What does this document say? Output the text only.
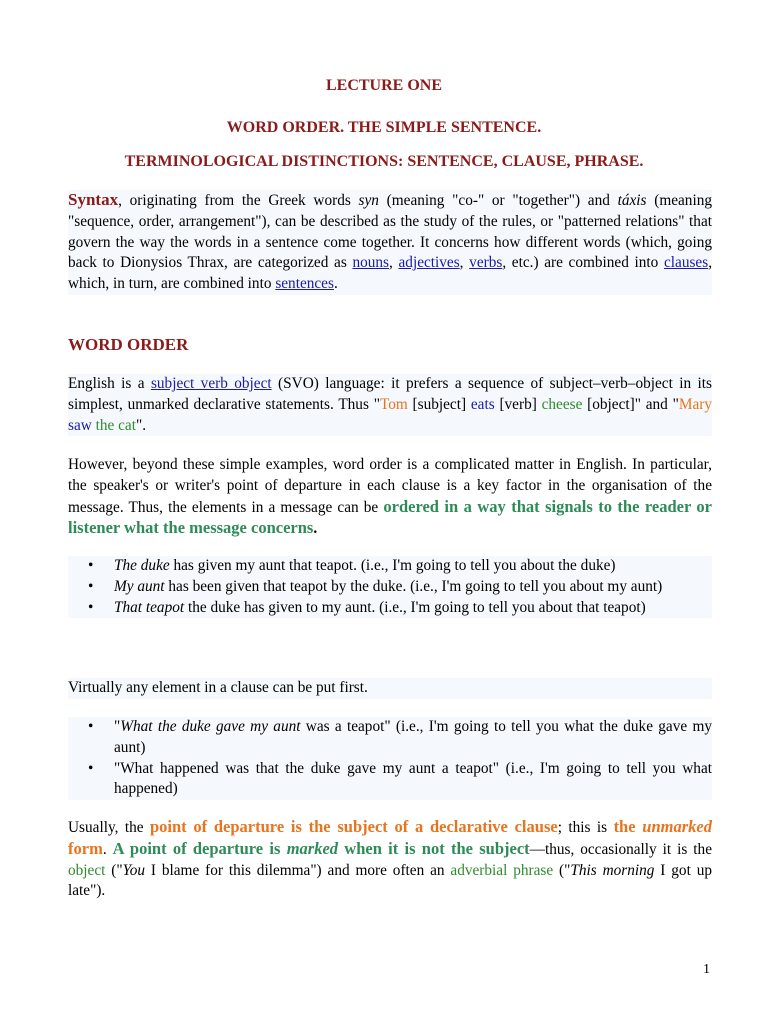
LECTURE ONE
WORD ORDER. THE SIMPLE SENTENCE.
TERMINOLOGICAL DISTINCTIONS: SENTENCE, CLAUSE, PHRASE.
Syntax, originating from the Greek words syn (meaning "co-" or "together") and táxis (meaning "sequence, order, arrangement"), can be described as the study of the rules, or "patterned relations" that govern the way the words in a sentence come together. It concerns how different words (which, going back to Dionysios Thrax, are categorized as nouns, adjectives, verbs, etc.) are combined into clauses, which, in turn, are combined into sentences.
WORD ORDER
English is a subject verb object (SVO) language: it prefers a sequence of subject–verb–object in its simplest, unmarked declarative statements. Thus "Tom [subject] eats [verb] cheese [object]" and "Mary saw the cat".
However, beyond these simple examples, word order is a complicated matter in English. In particular, the speaker's or writer's point of departure in each clause is a key factor in the organisation of the message. Thus, the elements in a message can be ordered in a way that signals to the reader or listener what the message concerns.
• The duke has given my aunt that teapot. (i.e., I'm going to tell you about the duke)
• My aunt has been given that teapot by the duke. (i.e., I'm going to tell you about my aunt)
• That teapot the duke has given to my aunt. (i.e., I'm going to tell you about that teapot)
Virtually any element in a clause can be put first.
• "What the duke gave my aunt was a teapot" (i.e., I'm going to tell you what the duke gave my aunt)
• "What happened was that the duke gave my aunt a teapot" (i.e., I'm going to tell you what happened)
Usually, the point of departure is the subject of a declarative clause; this is the unmarked form. A point of departure is marked when it is not the subject—thus, occasionally it is the object ("You I blame for this dilemma") and more often an adverbial phrase ("This morning I got up late").
1
